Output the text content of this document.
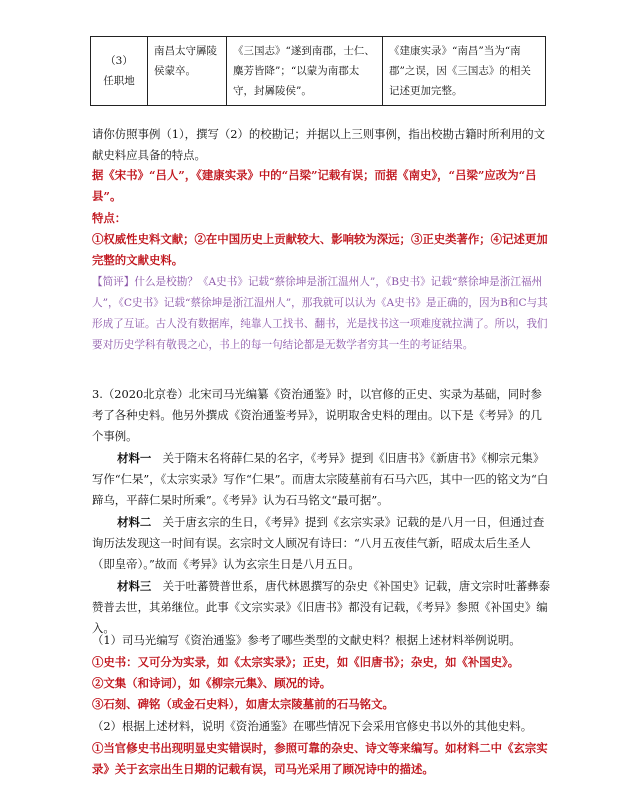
（3）
任职地
	南昌太守羼陵侯蒙卒。	《三国志》“遂到南郡，士仁、麋芳皆降”；“以蒙为南郡太守，封羼陵侯”。	《建康实录》“南昌”当为“南郡”之误，因《三国志》的相关记述更加完整。

请你仿照事例（1），撰写（2）的校勘记；并据以上三则事例，指出校勘古籍时所利用的文献史料应具备的特点。

据《宋书》“吕人”，《建康实录》中的“吕梁”记载有误；而据《南史》，“吕梁”应改为“吕县”。

特点：

①权威性史料文献；②在中国历史上贡献较大、影响较为深远；③正史类著作；④记述更加完整的文献史料。

【简评】什么是校勘？《A史书》记载“蔡徐坤是浙江温州人”，《B史书》记载“蔡徐坤是浙江福州人”，《C史书》记载“蔡徐坤是浙江温州人”，那我就可以认为《A史书》是正确的，因为B和C与其形成了互证。古人没有数据库，纯靠人工找书、翻书，光是找书这一项难度就拉满了。所以，我们要对历史学科有敬畏之心，书上的每一句结论都是无数学者穷其一生的考证结果。

3.（2020北京卷）北宋司马光编纂《资治通鉴》时，以官修的正史、实录为基础，同时参考了各种史料。他另外撰成《资治通鉴考异》，说明取舍史料的理由。以下是《考异》的几个事例。

材料一　 关于隋末名将薛仁杲的名字，《考异》提到《旧唐书》《新唐书》《柳宗元集》写作“仁杲”，《太宗实录》写作“仁果”。而唐太宗陵墓前有石马六匹，其中一匹的铭文为“白蹄乌，平薛仁杲时所乘”。《考异》认为石马铭文“最可据”。

材料二　 关于唐玄宗的生日，《考异》提到《玄宗实录》记载的是八月一日，但通过查询历法发现这一时间有误。玄宗时文人顾况有诗曰：“八月五夜佳气新，昭成太后生圣人（即皇帝）。”故而《考异》认为玄宗生日是八月五日。

材料三　 关于吐蕃赞普世系，唐代林恩撰写的杂史《补国史》记载，唐文宗时吐蕃彝泰赞普去世，其弟继位。此事《文宗实录》《旧唐书》都没有记载，《考异》参照《补国史》编入。

（1）司马光编写《资治通鉴》参考了哪些类型的文献史料？根据上述材料举例说明。

①史书：又可分为实录，如《太宗实录》；正史，如《旧唐书》；杂史，如《补国史》。

②文集（和诗词），如《柳宗元集》、顾况的诗。

③石刻、碑铭（或金石史料），如唐太宗陵墓前的石马铭文。

（2）根据上述材料，说明《资治通鉴》在哪些情况下会采用官修史书以外的其他史料。

①当官修史书出现明显史实错误时，参照可靠的杂史、诗文等来编写。如材料二中《玄宗实录》关于玄宗出生日期的记载有误，司马光采用了顾况诗中的描述。
